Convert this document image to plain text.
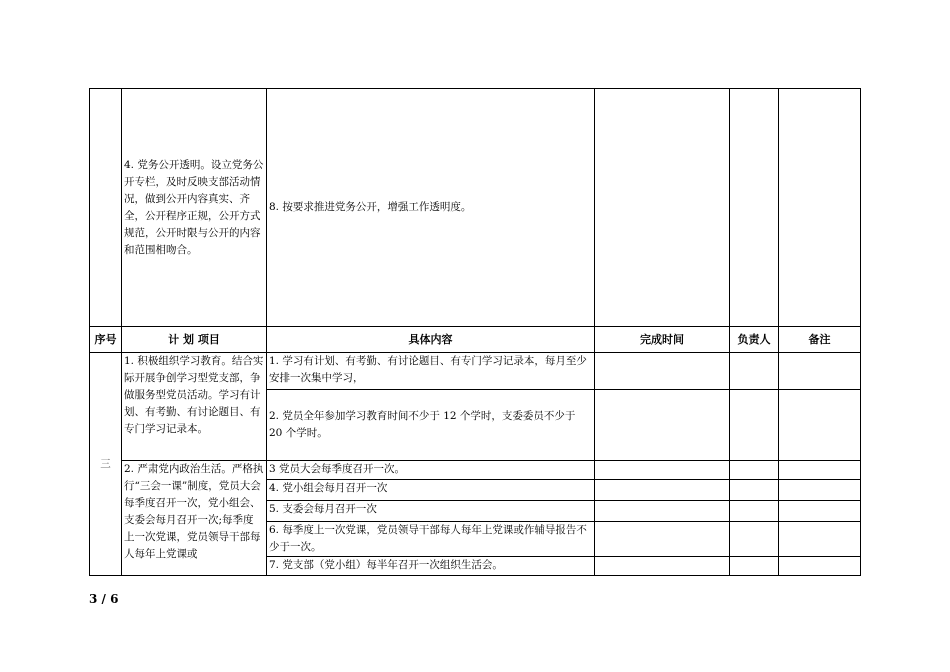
	4. 党务公开透明。设立党务公开专栏，及时反映支部活动情况，做到公开内容真实、齐全，公开程序正规，公开方式规范，公开时限与公开的内容和范围相吻合。	8. 按要求推进党务公开，增强工作透明度。			

序号	计 划 项目	具体内容	完成时间	负责人	备注
三	1. 积极组织学习教育。结合实际开展争创学习型党支部，争做服务型党员活动。学习有计划、有考勤、有讨论题目、有专门学习记录本。	1. 学习有计划、有考勤、有讨论题目、有专门学习记录本，每月至少安排一次集中学习，			

		2. 党员全年参加学习教育时间不少于 12 个学时，支委委员不少于 20 个学时。			

	2. 严肃党内政治生活。严格执行“三会一课”制度，党员大会每季度召开一次，党小组会、支委会每月召开一次;每季度上一次党课，党员领导干部每人每年上党课或	3 党员大会每季度召开一次。			

		4. 党小组会每月召开一次			

		5. 支委会每月召开一次			

		6. 每季度上一次党课，党员领导干部每人每年上党课或作辅导报告不少于一次。			

		7. 党支部（党小组）每半年召开一次组织生活会。			

3 / 6
